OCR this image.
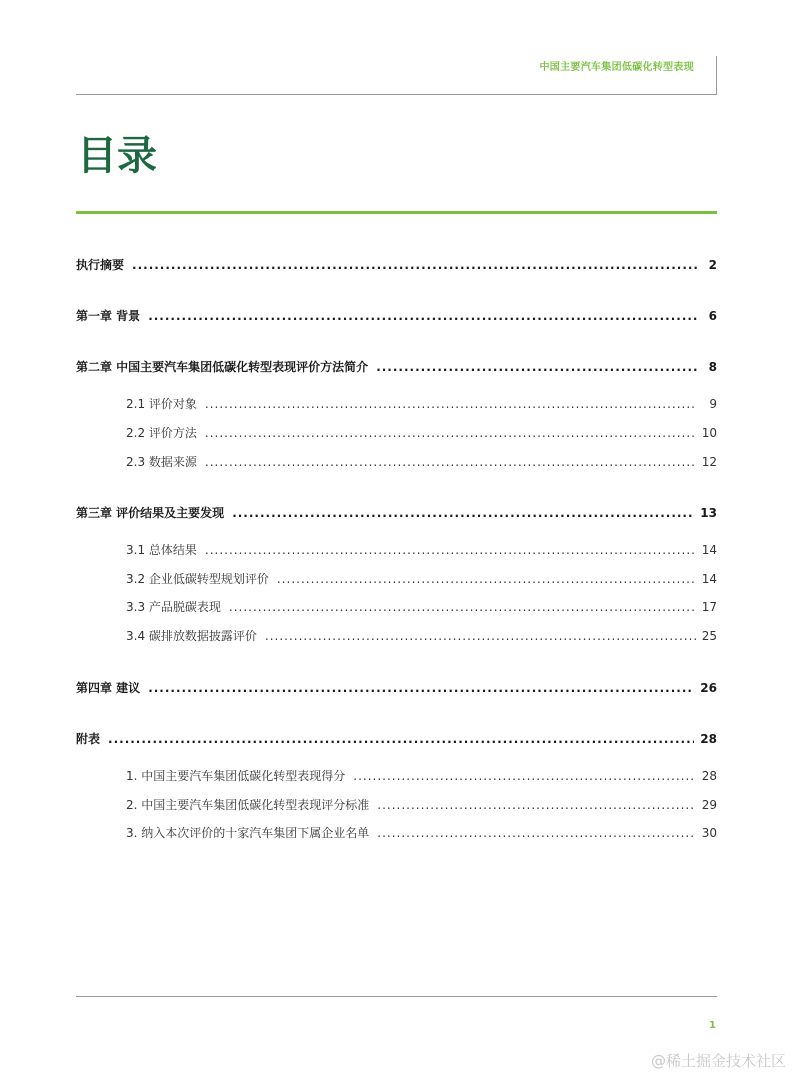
中国主要汽车集团低碳化转型表现
目录
执行摘要 .....	2
第一章 背景 .....	6
第二章 中国主要汽车集团低碳化转型表现评价方法简介 .....	8
2.1 评价对象 .....	9
2.2 评价方法 .....	10
2.3 数据来源 .....	12
第三章 评价结果及主要发现 .....	13
3.1 总体结果 .....	14
3.2 企业低碳转型规划评价 .....	14
3.3 产品脱碳表现 .....	17
3.4 碳排放数据披露评价 .....	25
第四章 建议 .....	26
附表 .....	28
1. 中国主要汽车集团低碳化转型表现得分 .....	28
2. 中国主要汽车集团低碳化转型表现评分标准 .....	29
3. 纳入本次评价的十家汽车集团下属企业名单 .....	30
1
@稀土掘金技术社区
